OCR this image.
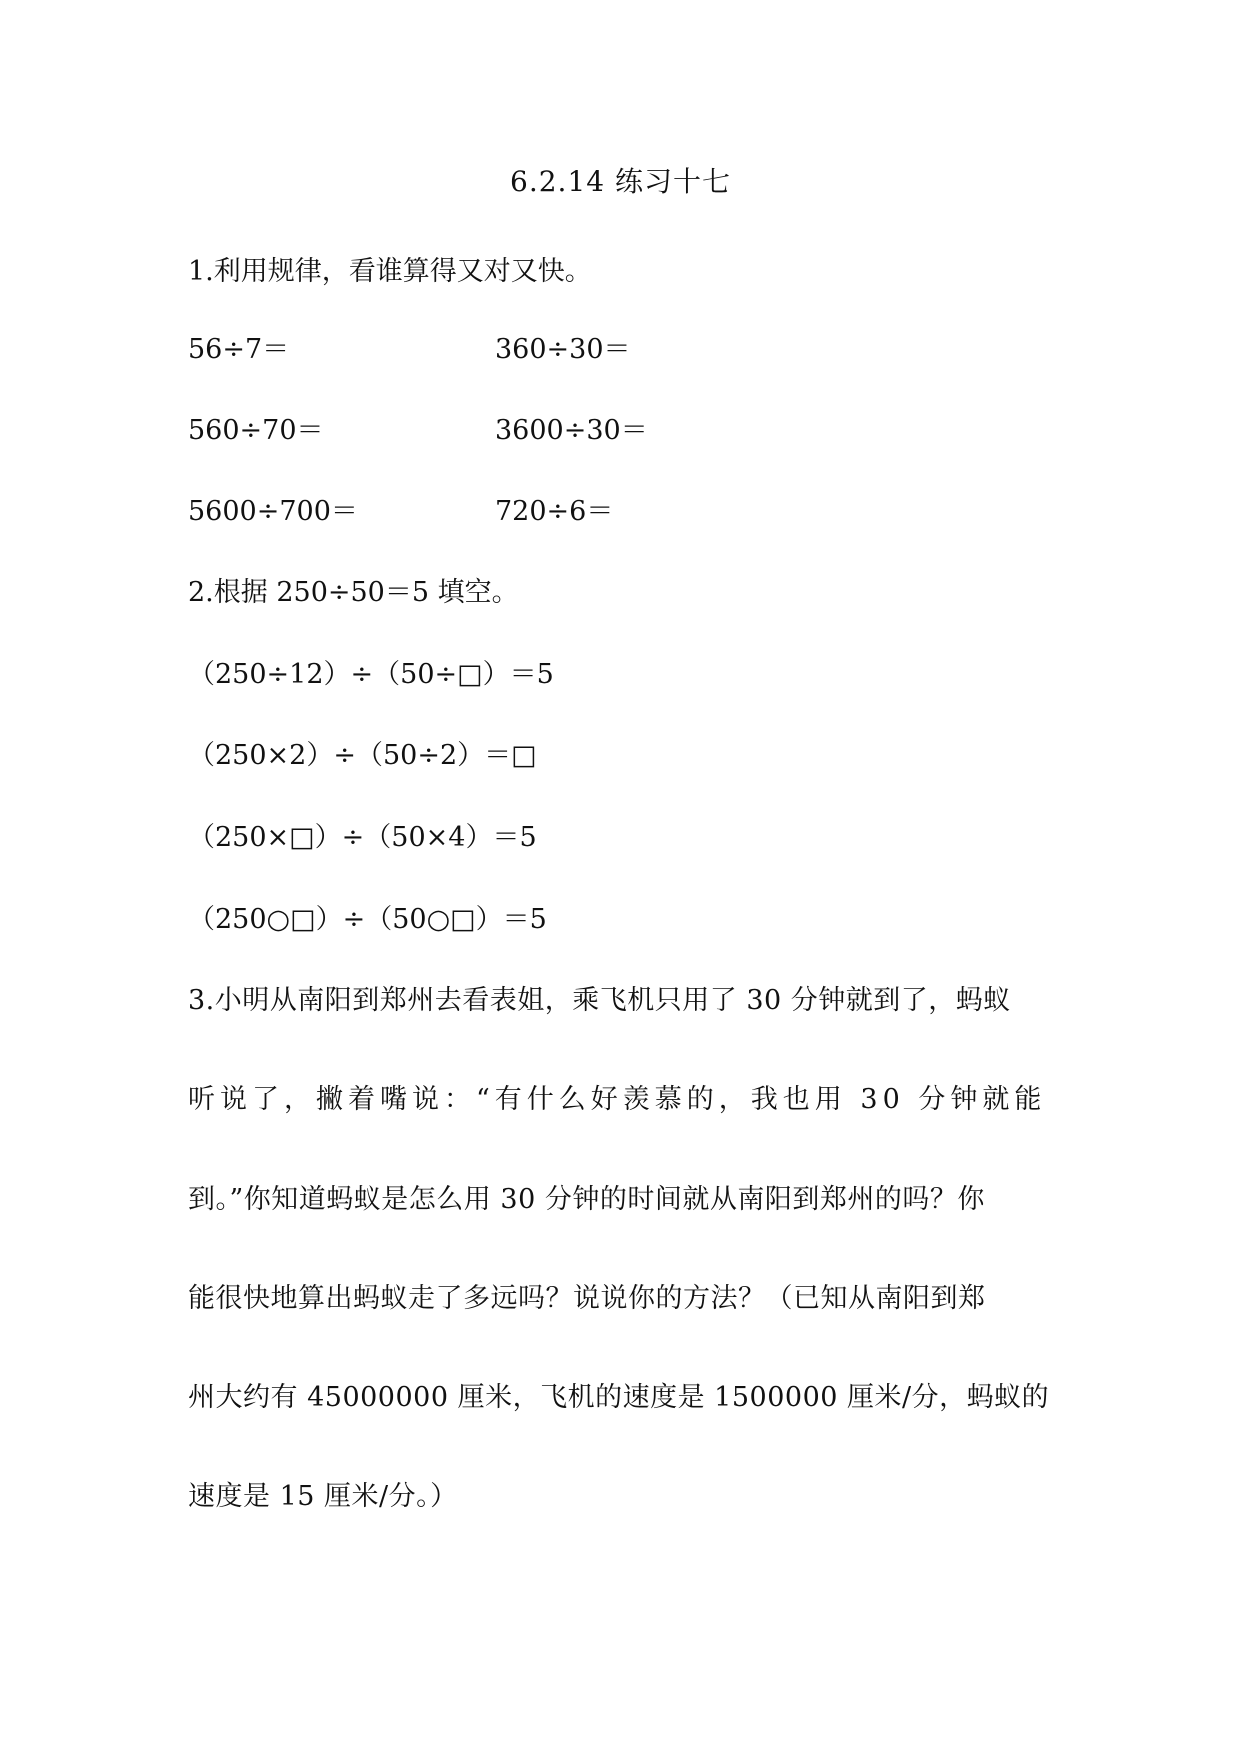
6.2.14 练习十七
1.利用规律，看谁算得又对又快。
56÷7＝	360÷30＝
560÷70＝	3600÷30＝
5600÷700＝	720÷6＝
2.根据 250÷50＝5 填空。
（250÷12）÷（50÷□）＝5
（250×2）÷（50÷2）＝□
（250×□）÷（50×4）＝5
（250○□）÷（50○□）＝5
3.小明从南阳到郑州去看表姐，乘飞机只用了 30 分钟就到了，蚂蚁
听说了，撇着嘴说：“有什么好羡慕的，我也用 30 分钟就能
到。”你知道蚂蚁是怎么用 30 分钟的时间就从南阳到郑州的吗？你
能很快地算出蚂蚁走了多远吗？说说你的方法？（已知从南阳到郑
州大约有 45000000 厘米，飞机的速度是 1500000 厘米/分，蚂蚁的
速度是 15 厘米/分。）
